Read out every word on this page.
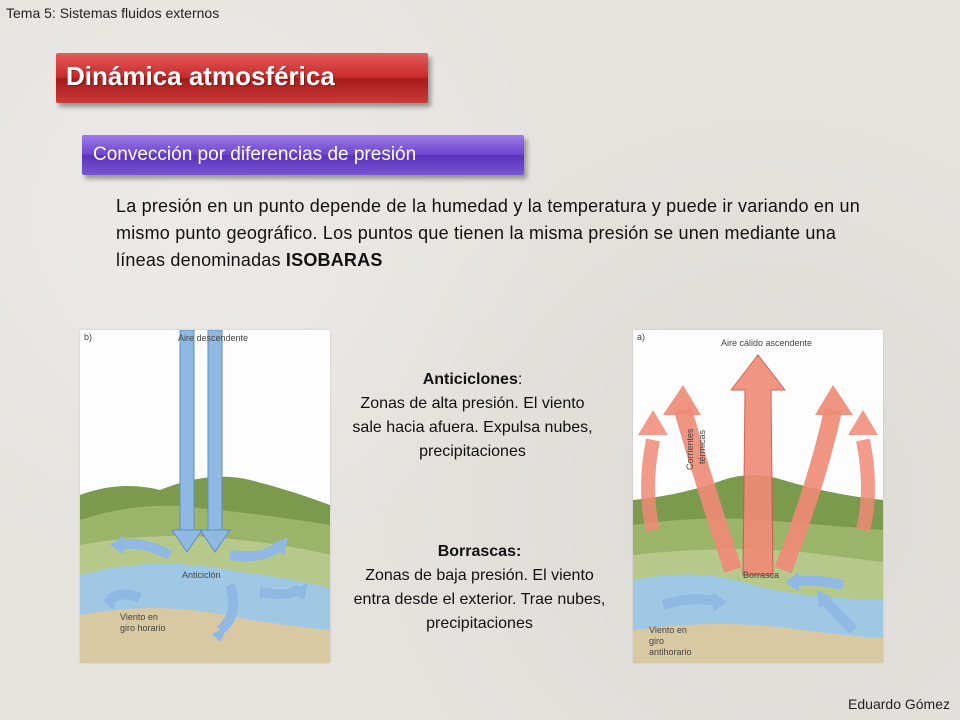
Tema 5: Sistemas fluidos externos
Dinámica atmosférica
Convección por diferencias de presión
La presión en un punto depende de la humedad y la temperatura y puede ir variando en un mismo punto geográfico. Los puntos que tienen la misma presión se unen mediante una líneas denominadas ISOBARAS
b)	Aire descendente
Anticiclón
Viento en
giro horario
Anticiclones:
Zonas de alta presión. El viento sale hacia afuera. Expulsa nubes, precipitaciones
Borrascas:
Zonas de baja presión. El viento entra desde el exterior. Trae nubes, precipitaciones
a)
Aire cálido ascendente
Corrientes térmicas
Borrasca
Viento en
giro
antihorario
Eduardo Gómez
